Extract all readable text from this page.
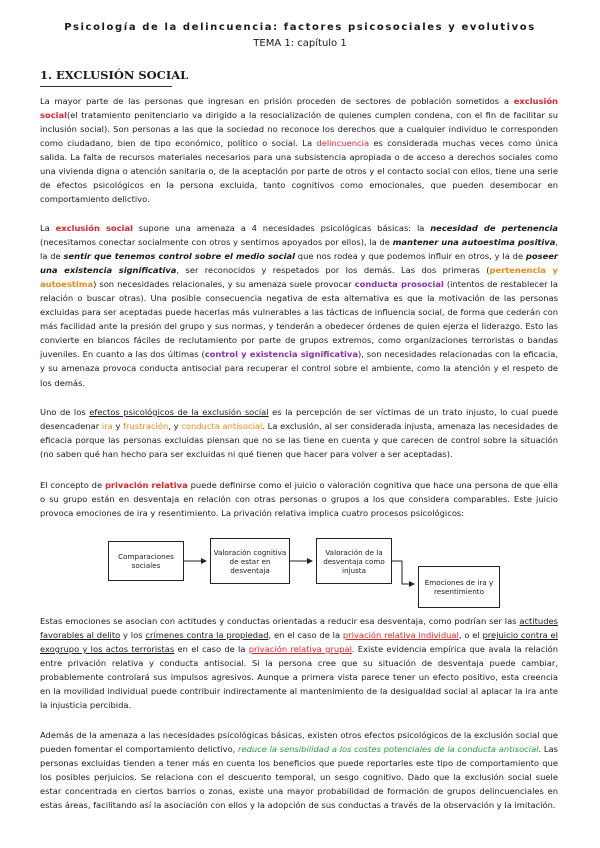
Psicología de la delincuencia: factores psicosociales y evolutivos
TEMA 1: capítulo 1
1. EXCLUSIÓN SOCIAL

La mayor parte de las personas que ingresan en prisión proceden de sectores de población sometidos a exclusión social(el tratamiento penitenciario va dirigido a la resocialización de quienes cumplen condena, con el fin de facilitar su inclusión social). Son personas a las que la sociedad no reconoce los derechos que a cualquier individuo le corresponden como ciudadano, bien de tipo económico, político o social. La delincuencia es considerada muchas veces como única salida. La falta de recursos materiales necesarios para una subsistencia apropiada o de acceso a derechos sociales como una vivienda digna o atención sanitaria o, de la aceptación por parte de otros y el contacto social con ellos, tiene una serie de efectos psicológicos en la persona excluida, tanto cognitivos como emocionales, que pueden desembocar en comportamiento delictivo.

La exclusión social supone una amenaza a 4 necesidades psicológicas básicas: la necesidad de pertenencia (necesitamos conectar socialmente con otros y sentirnos apoyados por ellos), la de mantener una autoestima positiva, la de sentir que tenemos control sobre el medio social que nos rodea y que podemos influir en otros, y la de poseer una existencia significativa, ser reconocidos y respetados por los demás. Las dos primeras (pertenencia y autoestima) son necesidades relacionales, y su amenaza suele provocar conducta prosocial (intentos de restablecer la relación o buscar otras). Una posible consecuencia negativa de esta alternativa es que la motivación de las personas excluidas para ser aceptadas puede hacerlas más vulnerables a las tácticas de influencia social, de forma que cederán con más facilidad ante la presión del grupo y sus normas, y tenderán a obedecer órdenes de quien ejerza el liderazgo. Esto las convierte en blancos fáciles de reclutamiento por parte de grupos extremos, como organizaciones terroristas o bandas juveniles. En cuanto a las dos últimas (control y existencia significativa), son necesidades relacionadas con la eficacia, y su amenaza provoca conducta antisocial para recuperar el control sobre el ambiente, como la atención y el respeto de los demás.

Uno de los efectos psicológicos de la exclusión social es la percepción de ser víctimas de un trato injusto, lo cual puede desencadenar ira y frustración, y conducta antisocial. La exclusión, al ser considerada injusta, amenaza las necesidades de eficacia porque las personas excluidas piensan que no se las tiene en cuenta y que carecen de control sobre la situación (no saben qué han hecho para ser excluidas ni qué tienen que hacer para volver a ser aceptadas).

El concepto de privación relativa puede definirse como el juicio o valoración cognitiva que hace una persona de que ella o su grupo están en desventaja en relación con otras personas o grupos a los que considera comparables. Este juicio provoca emociones de ira y resentimiento. La privación relativa implica cuatro procesos psicológicos:

Comparaciones sociales
Valoración cognitiva de estar en desventaja
Valoración de la desventaja como injusta
Emociones de ira y resentimiento

Estas emociones se asocian con actitudes y conductas orientadas a reducir esa desventaja, como podrían ser las actitudes favorables al delito y los crímenes contra la propiedad, en el caso de la privación relativa individual, o el prejuicio contra el exogrupo y los actos terroristas en el caso de la privación relativa grupal. Existe evidencia empírica que avala la relación entre privación relativa y conducta antisocial. Si la persona cree que su situación de desventaja puede cambiar, probablemente controlará sus impulsos agresivos. Aunque a primera vista parece tener un efecto positivo, esta creencia en la movilidad individual puede contribuir indirectamente al mantenimiento de la desigualdad social al aplacar la ira ante la injusticia percibida.

Además de la amenaza a las necesidades psicológicas básicas, existen otros efectos psicológicos de la exclusión social que pueden fomentar el comportamiento delictivo, reduce la sensibilidad a los costes potenciales de la conducta antisocial. Las personas excluidas tienden a tener más en cuenta los beneficios que puede reportarles este tipo de comportamiento que los posibles perjuicios. Se relaciona con el descuento temporal, un sesgo cognitivo. Dado que la exclusión social suele estar concentrada en ciertos barrios o zonas, existe una mayor probabilidad de formación de grupos delincuenciales en estas áreas, facilitando así la asociación con ellos y la adopción de sus conductas a través de la observación y la imitación.
